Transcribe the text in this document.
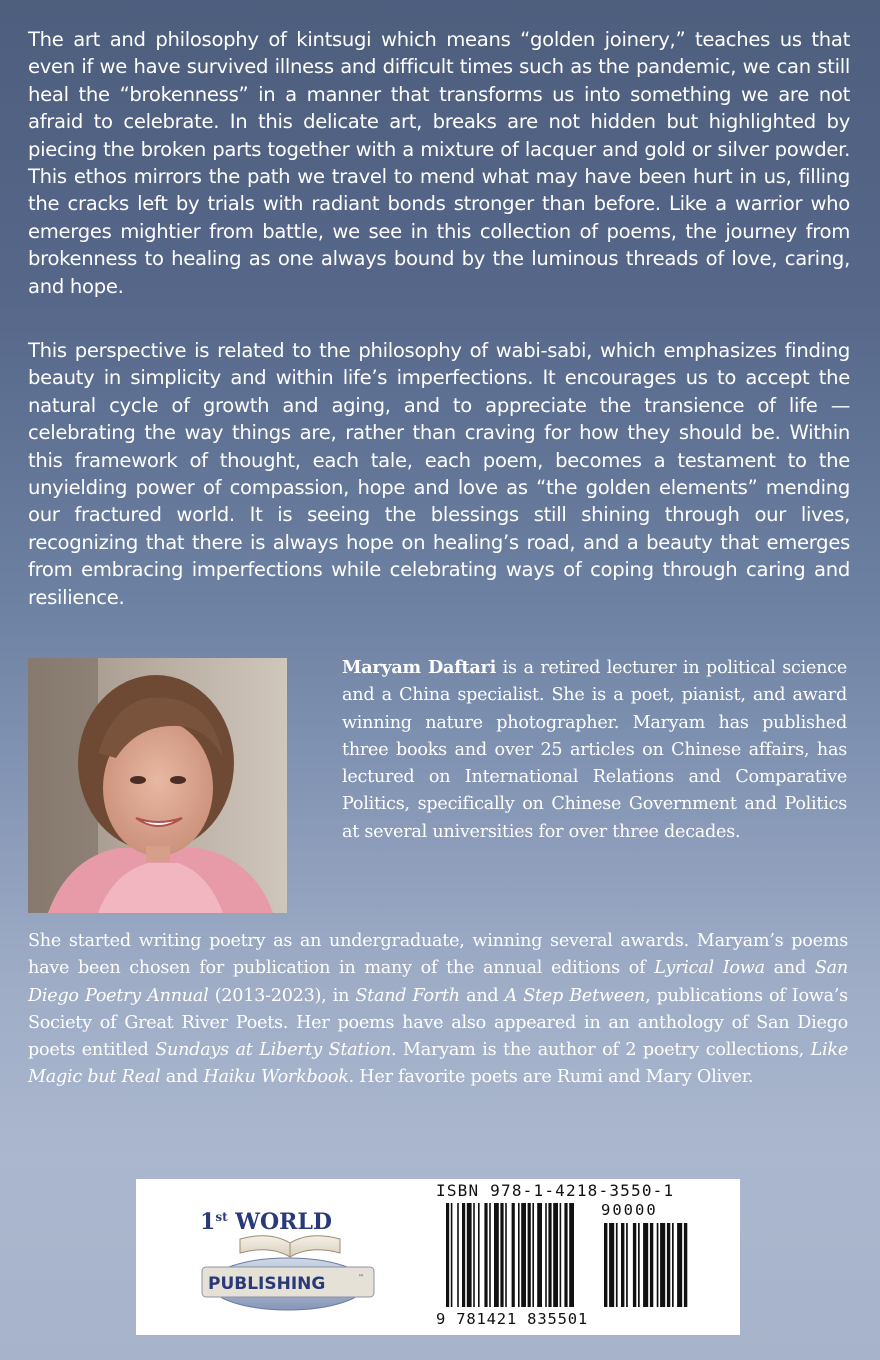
The art and philosophy of kintsugi which means “golden joinery,” teaches us that even if we have survived illness and difficult times such as the pandemic, we can still heal the “brokenness” in a manner that transforms us into something we are not afraid to celebrate. In this delicate art, breaks are not hidden but highlighted by piecing the broken parts together with a mixture of lacquer and gold or silver powder. This ethos mirrors the path we travel to mend what may have been hurt in us, filling the cracks left by trials with radiant bonds stronger than before. Like a warrior who emerges mightier from battle, we see in this collection of poems, the journey from brokenness to healing as one always bound by the luminous threads of love, caring, and hope.
This perspective is related to the philosophy of wabi-sabi, which emphasizes finding beauty in simplicity and within life’s imperfections. It encourages us to accept the natural cycle of growth and aging, and to appreciate the transience of life — celebrating the way things are, rather than craving for how they should be. Within this framework of thought, each tale, each poem, becomes a testament to the unyielding power of compassion, hope and love as “the golden elements” mending our fractured world. It is seeing the blessings still shining through our lives, recognizing that there is always hope on healing’s road, and a beauty that emerges from embracing imperfections while celebrating ways of coping through caring and resilience.
Maryam Daftari is a retired lecturer in political science and a China specialist. She is a poet, pianist, and award winning nature photographer. Maryam has published three books and over 25 articles on Chinese affairs, has lectured on International Relations and Comparative Politics, specifically on Chinese Government and Politics at several universities for over three decades.
She started writing poetry as an undergraduate, winning several awards. Maryam’s poems have been chosen for publication in many of the annual editions of Lyrical Iowa and San Diego Poetry Annual (2013-2023), in Stand Forth and A Step Between, publications of Iowa’s Society of Great River Poets. Her poems have also appeared in an anthology of San Diego poets entitled Sundays at Liberty Station. Maryam is the author of 2 poetry collections, Like Magic but Real and Haiku Workbook. Her favorite poets are Rumi and Mary Oliver.
1st WORLD
PUBLISHING	™
ISBN 978-1-4218-3550-1
90000
9 781421 835501
